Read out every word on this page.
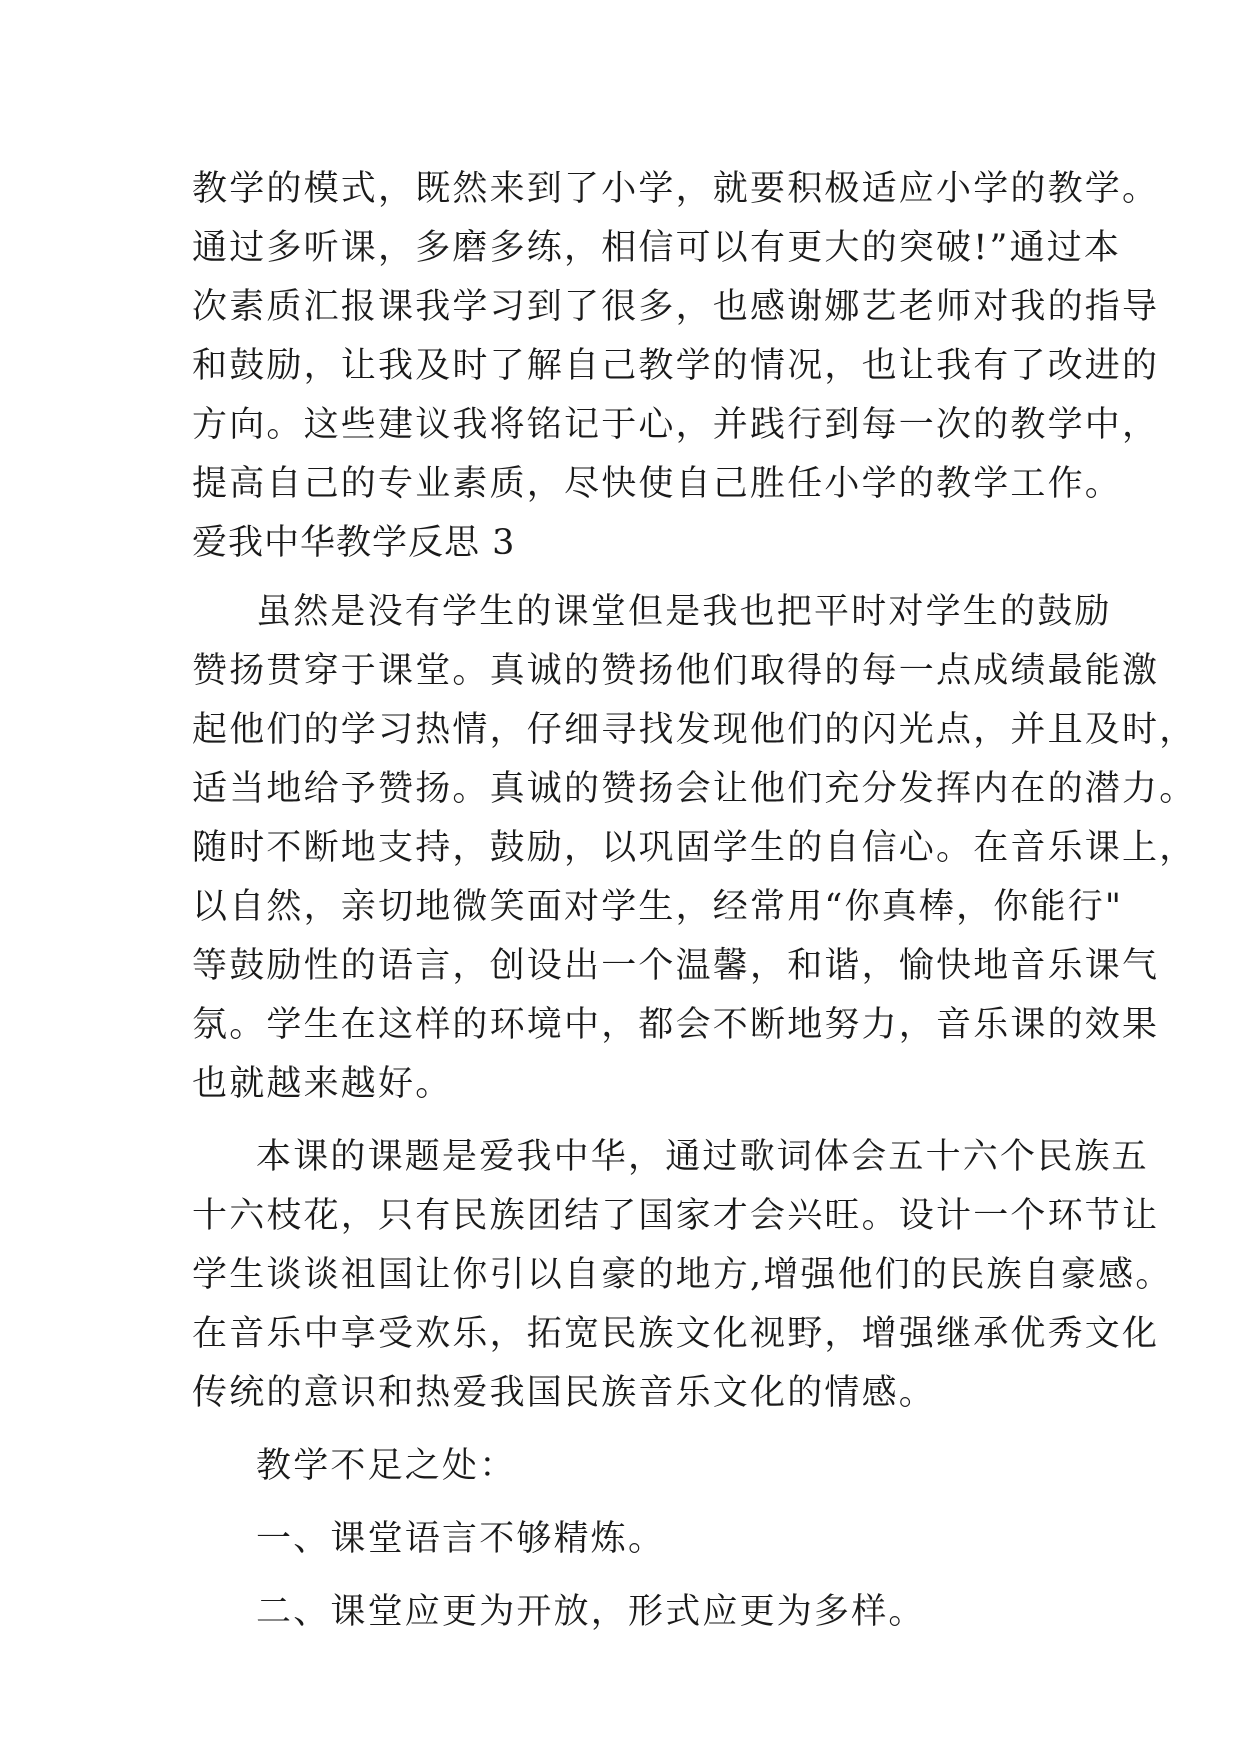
教学的模式，既然来到了小学，就要积极适应小学的教学。
通过多听课，多磨多练，相信可以有更大的突破!”通过本
次素质汇报课我学习到了很多，也感谢娜艺老师对我的指导
和鼓励，让我及时了解自己教学的情况，也让我有了改进的
方向。这些建议我将铭记于心，并践行到每一次的教学中，
提高自己的专业素质，尽快使自己胜任小学的教学工作。
爱我中华教学反思 3
虽然是没有学生的课堂但是我也把平时对学生的鼓励
赞扬贯穿于课堂。真诚的赞扬他们取得的每一点成绩最能激
起他们的学习热情，仔细寻找发现他们的闪光点，并且及时，
适当地给予赞扬。真诚的赞扬会让他们充分发挥内在的潜力。
随时不断地支持，鼓励，以巩固学生的自信心。在音乐课上，
以自然，亲切地微笑面对学生，经常用“你真棒，你能行"
等鼓励性的语言，创设出一个温馨，和谐，愉快地音乐课气
氛。学生在这样的环境中，都会不断地努力，音乐课的效果
也就越来越好。
本课的课题是爱我中华，通过歌词体会五十六个民族五
十六枝花，只有民族团结了国家才会兴旺。设计一个环节让
学生谈谈祖国让你引以自豪的地方,增强他们的民族自豪感。
在音乐中享受欢乐，拓宽民族文化视野，增强继承优秀文化
传统的意识和热爱我国民族音乐文化的情感。
教学不足之处：
一、课堂语言不够精炼。
二、课堂应更为开放，形式应更为多样。
